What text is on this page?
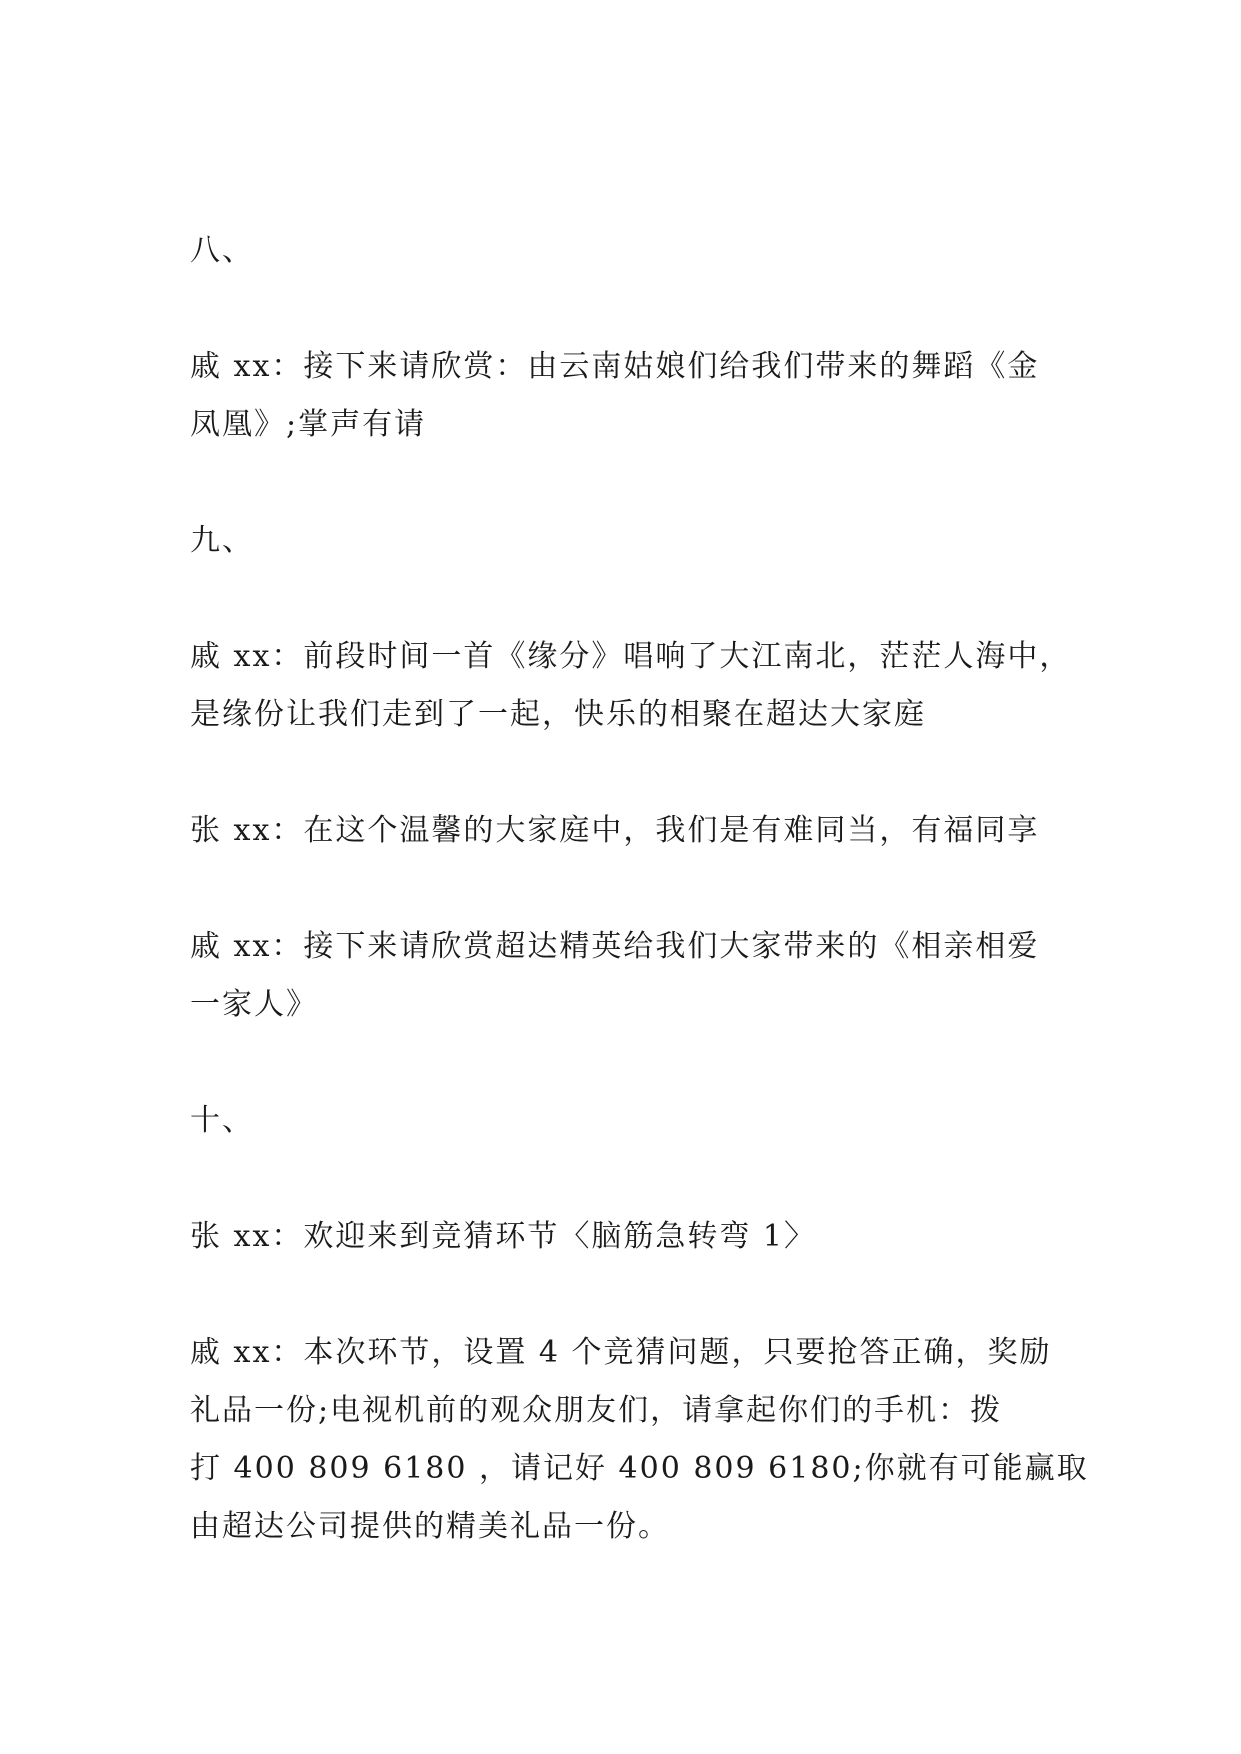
八、

戚 xx：接下来请欣赏：由云南姑娘们给我们带来的舞蹈《金
凤凰》;掌声有请

九、

戚 xx：前段时间一首《缘分》唱响了大江南北，茫茫人海中，
是缘份让我们走到了一起，快乐的相聚在超达大家庭

张 xx：在这个温馨的大家庭中，我们是有难同当，有福同享

戚 xx：接下来请欣赏超达精英给我们大家带来的《相亲相爱
一家人》

十、

张 xx：欢迎来到竞猜环节〈脑筋急转弯 1〉

戚 xx：本次环节，设置 4 个竞猜问题，只要抢答正确，奖励
礼品一份;电视机前的观众朋友们，请拿起你们的手机：拨
打 400 809 6180 ，请记好 400 809 6180;你就有可能赢取
由超达公司提供的精美礼品一份。
